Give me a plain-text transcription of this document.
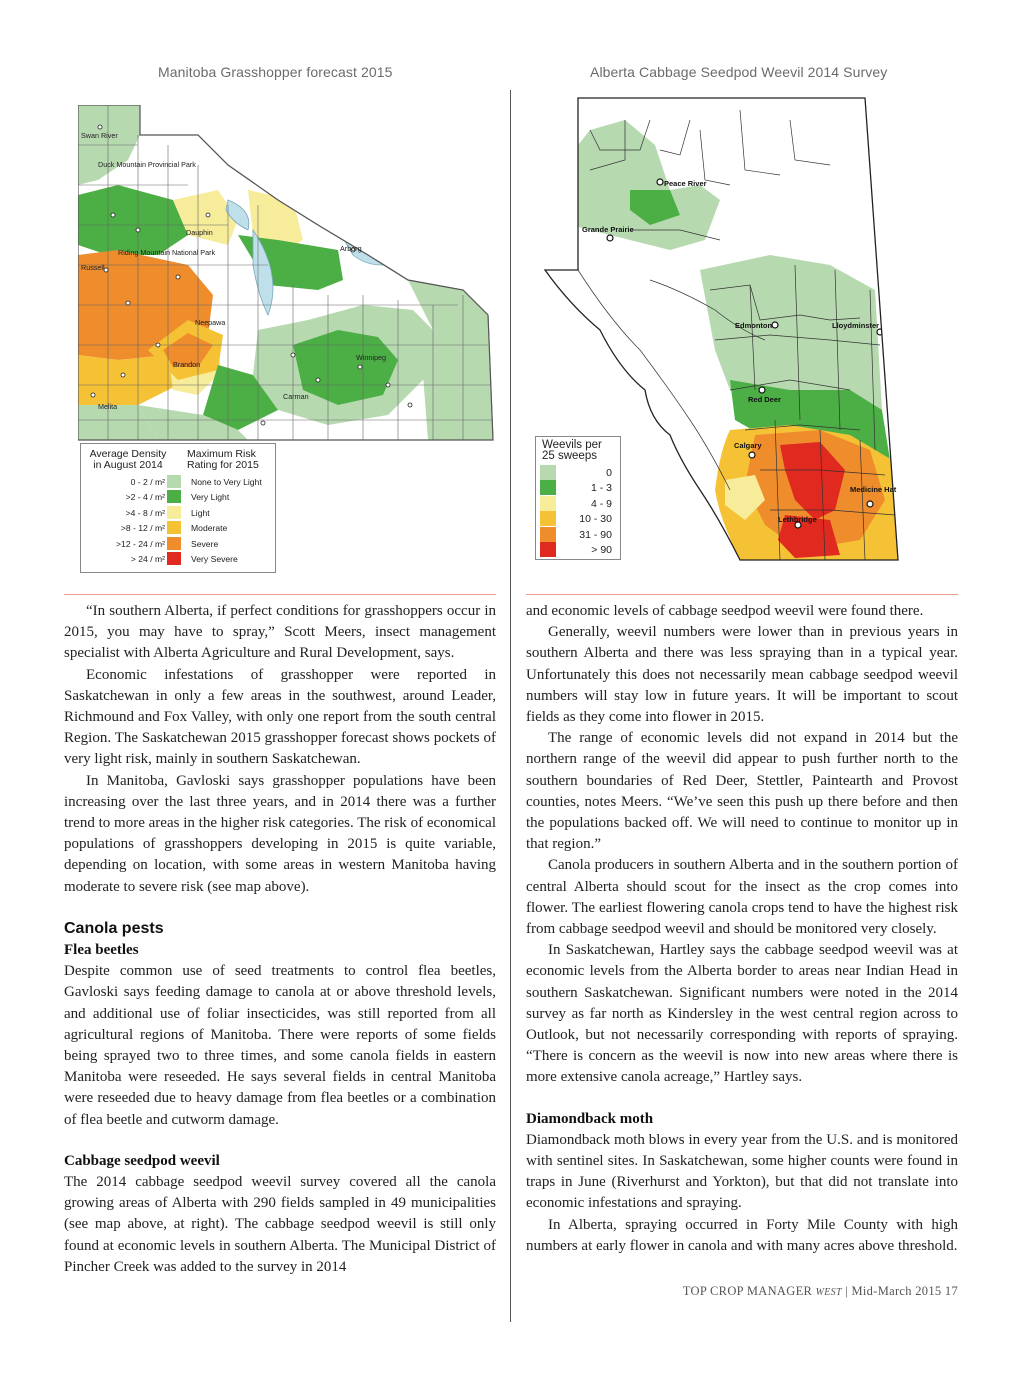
Manitoba Grasshopper forecast 2015	Alberta Cabbage Seedpod Weevil 2014 Survey
Swan River
Duck Mountain Provincial Park
Dauphin
Riding Mountain National Park
Russell
Arborg
Neepawa
Brandon
Winnipeg
Carman
Melita
Average Density
in August 2014
Maximum Risk
Rating for 2015
0 - 2 / m²	None to Very Light
>2 - 4 / m²	Very Light
>4 - 8 / m²	Light
>8 - 12 / m²	Moderate
>12 - 24 / m²	Severe
> 24 / m²	Very Severe
Peace River
Grande Prairie
Edmonton	Lloydminster
Red Deer
Calgary
Medicine Hat
Lethbridge
Weevils per
25 sweeps
0
1 - 3
4 - 9
10 - 30
31 - 90
> 90

“In southern Alberta, if perfect conditions for grasshoppers occur in 2015, you may have to spray,” Scott Meers, insect management specialist with Alberta Agriculture and Rural Development, says.

Economic infestations of grasshopper were reported in Saskatchewan in only a few areas in the southwest, around Leader, Richmound and Fox Valley, with only one report from the south central Region. The Saskatchewan 2015 grasshopper forecast shows pockets of very light risk, mainly in southern Saskatchewan.

In Manitoba, Gavloski says grasshopper populations have been increasing over the last three years, and in 2014 there was a further trend to more areas in the higher risk categories. The risk of economical populations of grasshoppers developing in 2015 is quite variable, depending on location, with some areas in western Manitoba having moderate to severe risk (see map above).

Canola pests
Flea beetles

Despite common use of seed treatments to control flea beetles, Gavloski says feeding damage to canola at or above threshold levels, and additional use of foliar insecticides, was still reported from all agricultural regions of Manitoba. There were reports of some fields being sprayed two to three times, and some canola fields in eastern Manitoba were reseeded. He says several fields in central Manitoba were reseeded due to heavy damage from flea beetles or a combination of flea beetle and cutworm damage.

Cabbage seedpod weevil

The 2014 cabbage seedpod weevil survey covered all the canola growing areas of Alberta with 290 fields sampled in 49 municipalities (see map above, at right). The cabbage seedpod weevil is still only found at economic levels in southern Alberta. The Municipal District of Pincher Creek was added to the survey in 2014

and economic levels of cabbage seedpod weevil were found there.

Generally, weevil numbers were lower than in previous years in southern Alberta and there was less spraying than in a typical year. Unfortunately this does not necessarily mean cabbage seedpod weevil numbers will stay low in future years. It will be important to scout fields as they come into flower in 2015.

The range of economic levels did not expand in 2014 but the northern range of the weevil did appear to push further north to the southern boundaries of Red Deer, Stettler, Paintearth and Provost counties, notes Meers. “We’ve seen this push up there before and then the populations backed off. We will need to continue to monitor up in that region.”

Canola producers in southern Alberta and in the southern portion of central Alberta should scout for the insect as the crop comes into flower. The earliest flowering canola crops tend to have the highest risk from cabbage seedpod weevil and should be monitored very closely.

In Saskatchewan, Hartley says the cabbage seedpod weevil was at economic levels from the Alberta border to areas near Indian Head in southern Saskatchewan. Significant numbers were noted in the 2014 survey as far north as Kindersley in the west central region across to Outlook, but not necessarily corresponding with reports of spraying. “There is concern as the weevil is now into new areas where there is more extensive canola acreage,” Hartley says.

Diamondback moth

Diamondback moth blows in every year from the U.S. and is monitored with sentinel sites. In Saskatchewan, some higher counts were found in traps in June (Riverhurst and Yorkton), but that did not translate into economic infestations and spraying.

In Alberta, spraying occurred in Forty Mile County with high numbers at early flower in canola and with many acres above threshold.

TOP CROP MANAGER WEST | Mid-March 2015 17
